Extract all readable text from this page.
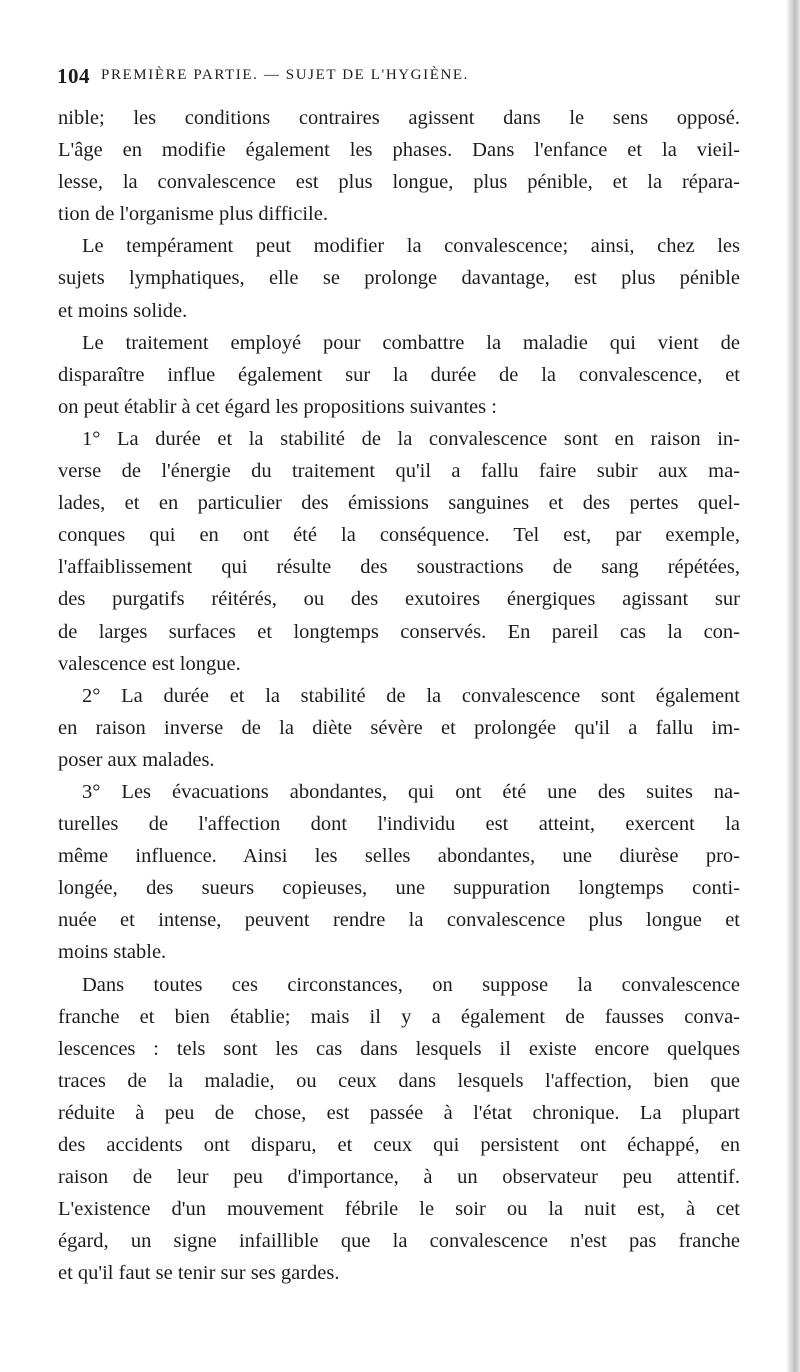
104 PREMIÈRE PARTIE. — SUJET DE L'HYGIÈNE.
nible; les conditions contraires agissent dans le sens opposé.
L'âge en modifie également les phases. Dans l'enfance et la vieil-
lesse, la convalescence est plus longue, plus pénible, et la répara-
tion de l'organisme plus difficile.
Le tempérament peut modifier la convalescence; ainsi, chez les
sujets lymphatiques, elle se prolonge davantage, est plus pénible
et moins solide.
Le traitement employé pour combattre la maladie qui vient de
disparaître influe également sur la durée de la convalescence, et
on peut établir à cet égard les propositions suivantes :
1° La durée et la stabilité de la convalescence sont en raison in-
verse de l'énergie du traitement qu'il a fallu faire subir aux ma-
lades, et en particulier des émissions sanguines et des pertes quel-
conques qui en ont été la conséquence. Tel est, par exemple,
l'affaiblissement qui résulte des soustractions de sang répétées,
des purgatifs réitérés, ou des exutoires énergiques agissant sur
de larges surfaces et longtemps conservés. En pareil cas la con-
valescence est longue.
2° La durée et la stabilité de la convalescence sont également
en raison inverse de la diète sévère et prolongée qu'il a fallu im-
poser aux malades.
3° Les évacuations abondantes, qui ont été une des suites na-
turelles de l'affection dont l'individu est atteint, exercent la
même influence. Ainsi les selles abondantes, une diurèse pro-
longée, des sueurs copieuses, une suppuration longtemps conti-
nuée et intense, peuvent rendre la convalescence plus longue et
moins stable.
Dans toutes ces circonstances, on suppose la convalescence
franche et bien établie; mais il y a également de fausses conva-
lescences : tels sont les cas dans lesquels il existe encore quelques
traces de la maladie, ou ceux dans lesquels l'affection, bien que
réduite à peu de chose, est passée à l'état chronique. La plupart
des accidents ont disparu, et ceux qui persistent ont échappé, en
raison de leur peu d'importance, à un observateur peu attentif.
L'existence d'un mouvement fébrile le soir ou la nuit est, à cet
égard, un signe infaillible que la convalescence n'est pas franche
et qu'il faut se tenir sur ses gardes.
